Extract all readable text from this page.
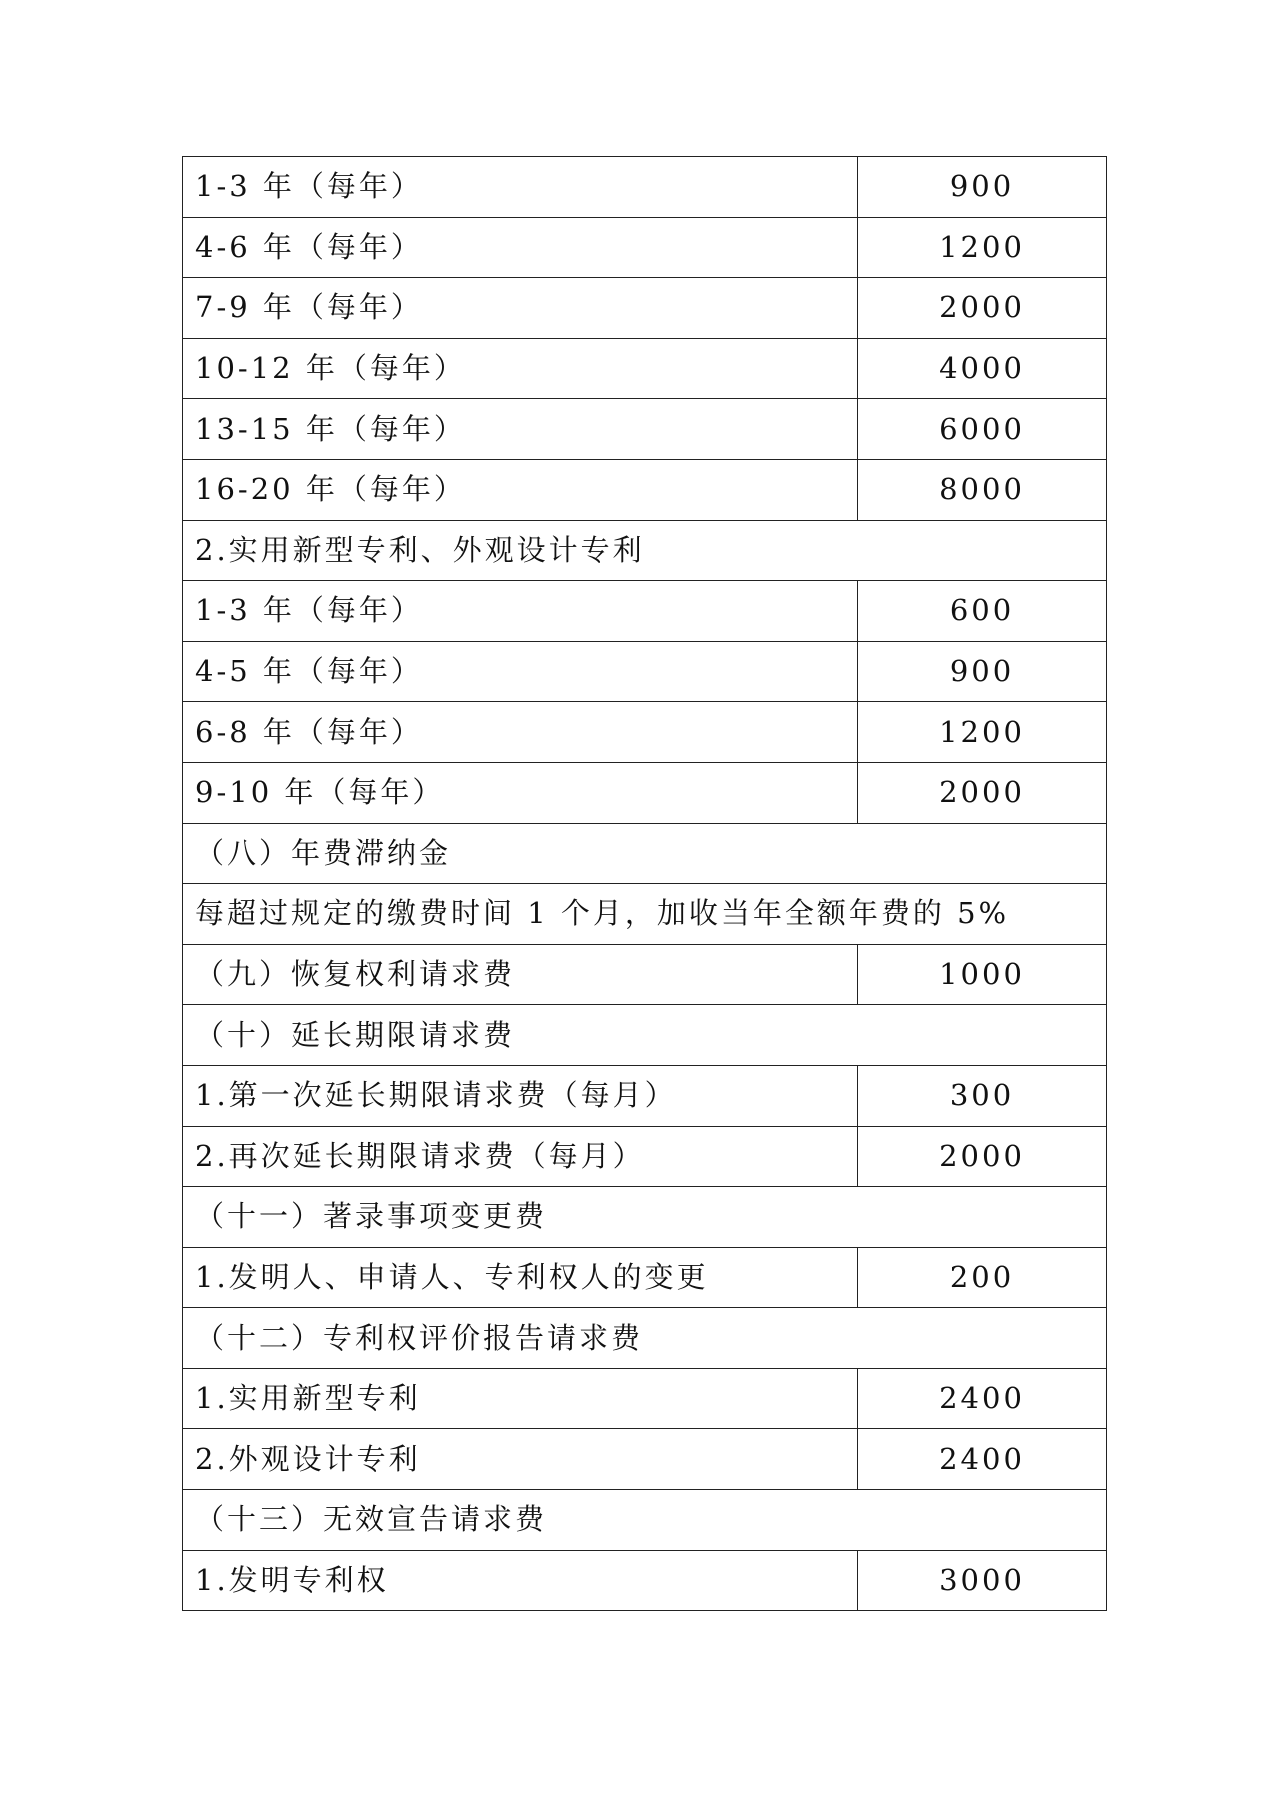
1-3 年（每年）	900
4-6 年（每年）	1200
7-9 年（每年）	2000
10-12 年（每年）	4000
13-15 年（每年）	6000
16-20 年（每年）	8000
2.实用新型专利、外观设计专利	
1-3 年（每年）	600
4-5 年（每年）	900
6-8 年（每年）	1200
9-10 年（每年）	2000
（八）年费滞纳金	
每超过规定的缴费时间 1 个月，加收当年全额年费的 5%	
（九）恢复权利请求费	1000
（十）延长期限请求费	
1.第一次延长期限请求费（每月）	300
2.再次延长期限请求费（每月）	2000
（十一）著录事项变更费	
1.发明人、申请人、专利权人的变更	200
（十二）专利权评价报告请求费	
1.实用新型专利	2400
2.外观设计专利	2400
（十三）无效宣告请求费	
1.发明专利权	3000
